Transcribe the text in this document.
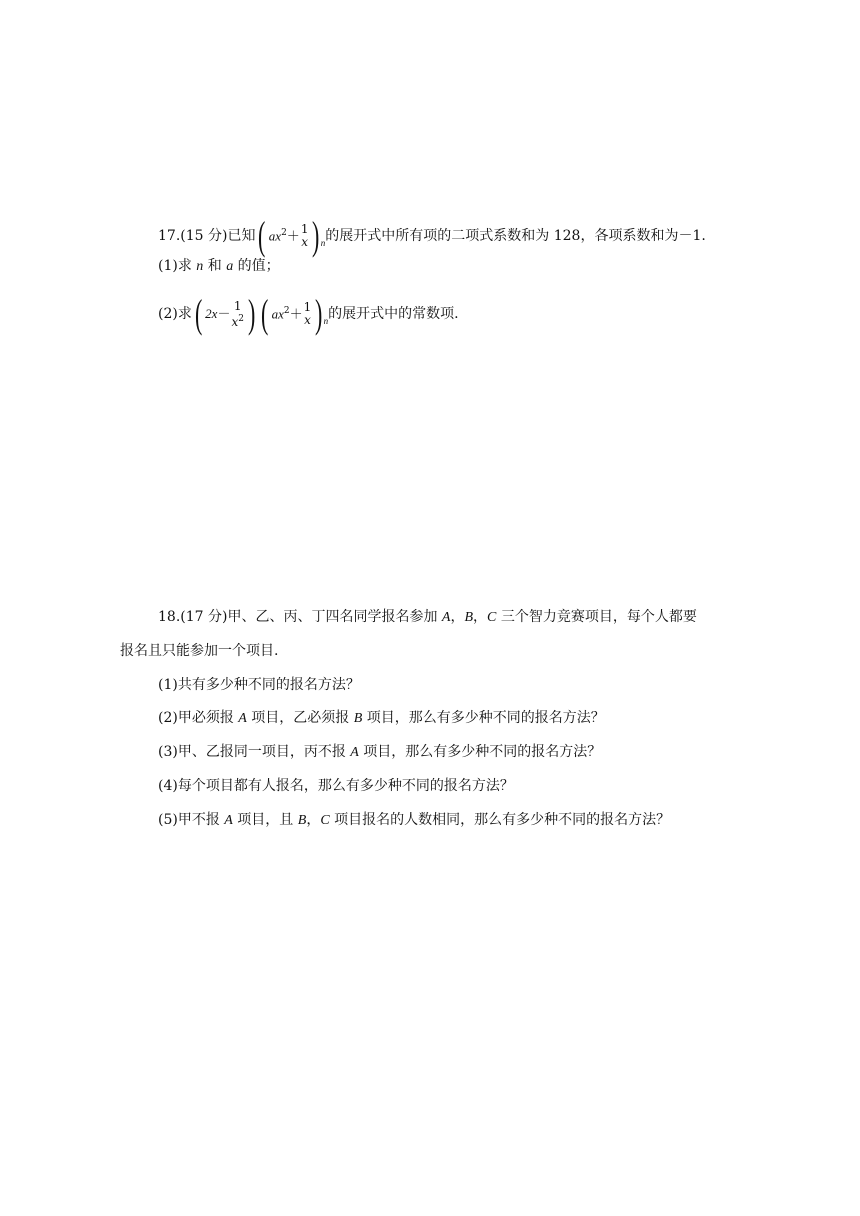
17.(15 分)已知( $ax^2+ 1$
x )$_n$的展开式中所有项的二项式系数和为 128，各项系数和为－1.
(1)求 n 和 a 的值；
(2)求( 2x－
1
$x^2$ ) ( $ax^2+ 1$
x )$_n$的展开式中的常数项.
18.(17 分)甲、乙、丙、丁四名同学报名参加 A，B，C 三个智力竞赛项目，每个人都要
报名且只能参加一个项目.
(1)共有多少种不同的报名方法？
(2)甲必须报 A 项目，乙必须报 B 项目，那么有多少种不同的报名方法？
(3)甲、乙报同一项目，丙不报 A 项目，那么有多少种不同的报名方法？
(4)每个项目都有人报名，那么有多少种不同的报名方法？
(5)甲不报 A 项目，且 B，C 项目报名的人数相同，那么有多少种不同的报名方法？
